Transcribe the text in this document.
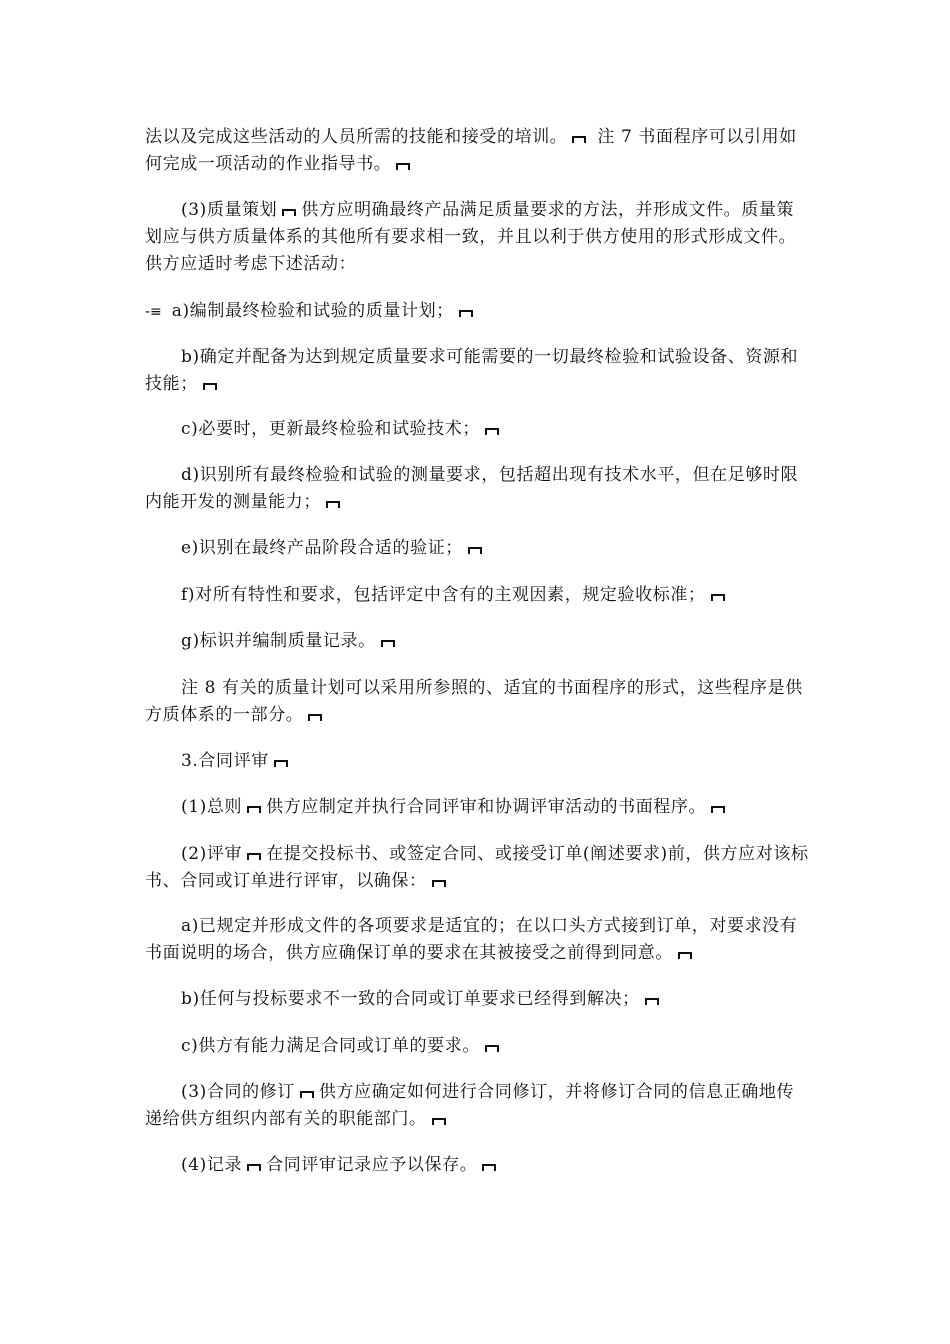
法以及完成这些活动的人员所需的技能和接受的培训。 注 7 书面程序可以引用如何完成一项活动的作业指导书。
(3)质量策划 供方应明确最终产品满足质量要求的方法，并形成文件。质量策划应与供方质量体系的其他所有要求相一致，并且以利于供方使用的形式形成文件。供方应适时考虑下述活动：
-≡ a)编制最终检验和试验的质量计划；
b)确定并配备为达到规定质量要求可能需要的一切最终检验和试验设备、资源和技能；
c)必要时，更新最终检验和试验技术；
d)识别所有最终检验和试验的测量要求，包括超出现有技术水平，但在足够时限内能开发的测量能力；
e)识别在最终产品阶段合适的验证；
f)对所有特性和要求，包括评定中含有的主观因素，规定验收标准；
g)标识并编制质量记录。
注 8 有关的质量计划可以采用所参照的、适宜的书面程序的形式，这些程序是供方质体系的一部分。
3.合同评审
(1)总则 供方应制定并执行合同评审和协调评审活动的书面程序。
(2)评审 在提交投标书、或签定合同、或接受订单(阐述要求)前，供方应对该标书、合同或订单进行评审，以确保：
a)已规定并形成文件的各项要求是适宜的；在以口头方式接到订单，对要求没有书面说明的场合，供方应确保订单的要求在其被接受之前得到同意。
b)任何与投标要求不一致的合同或订单要求已经得到解决；
c)供方有能力满足合同或订单的要求。
(3)合同的修订 供方应确定如何进行合同修订，并将修订合同的信息正确地传递给供方组织内部有关的职能部门。
(4)记录 合同评审记录应予以保存。
